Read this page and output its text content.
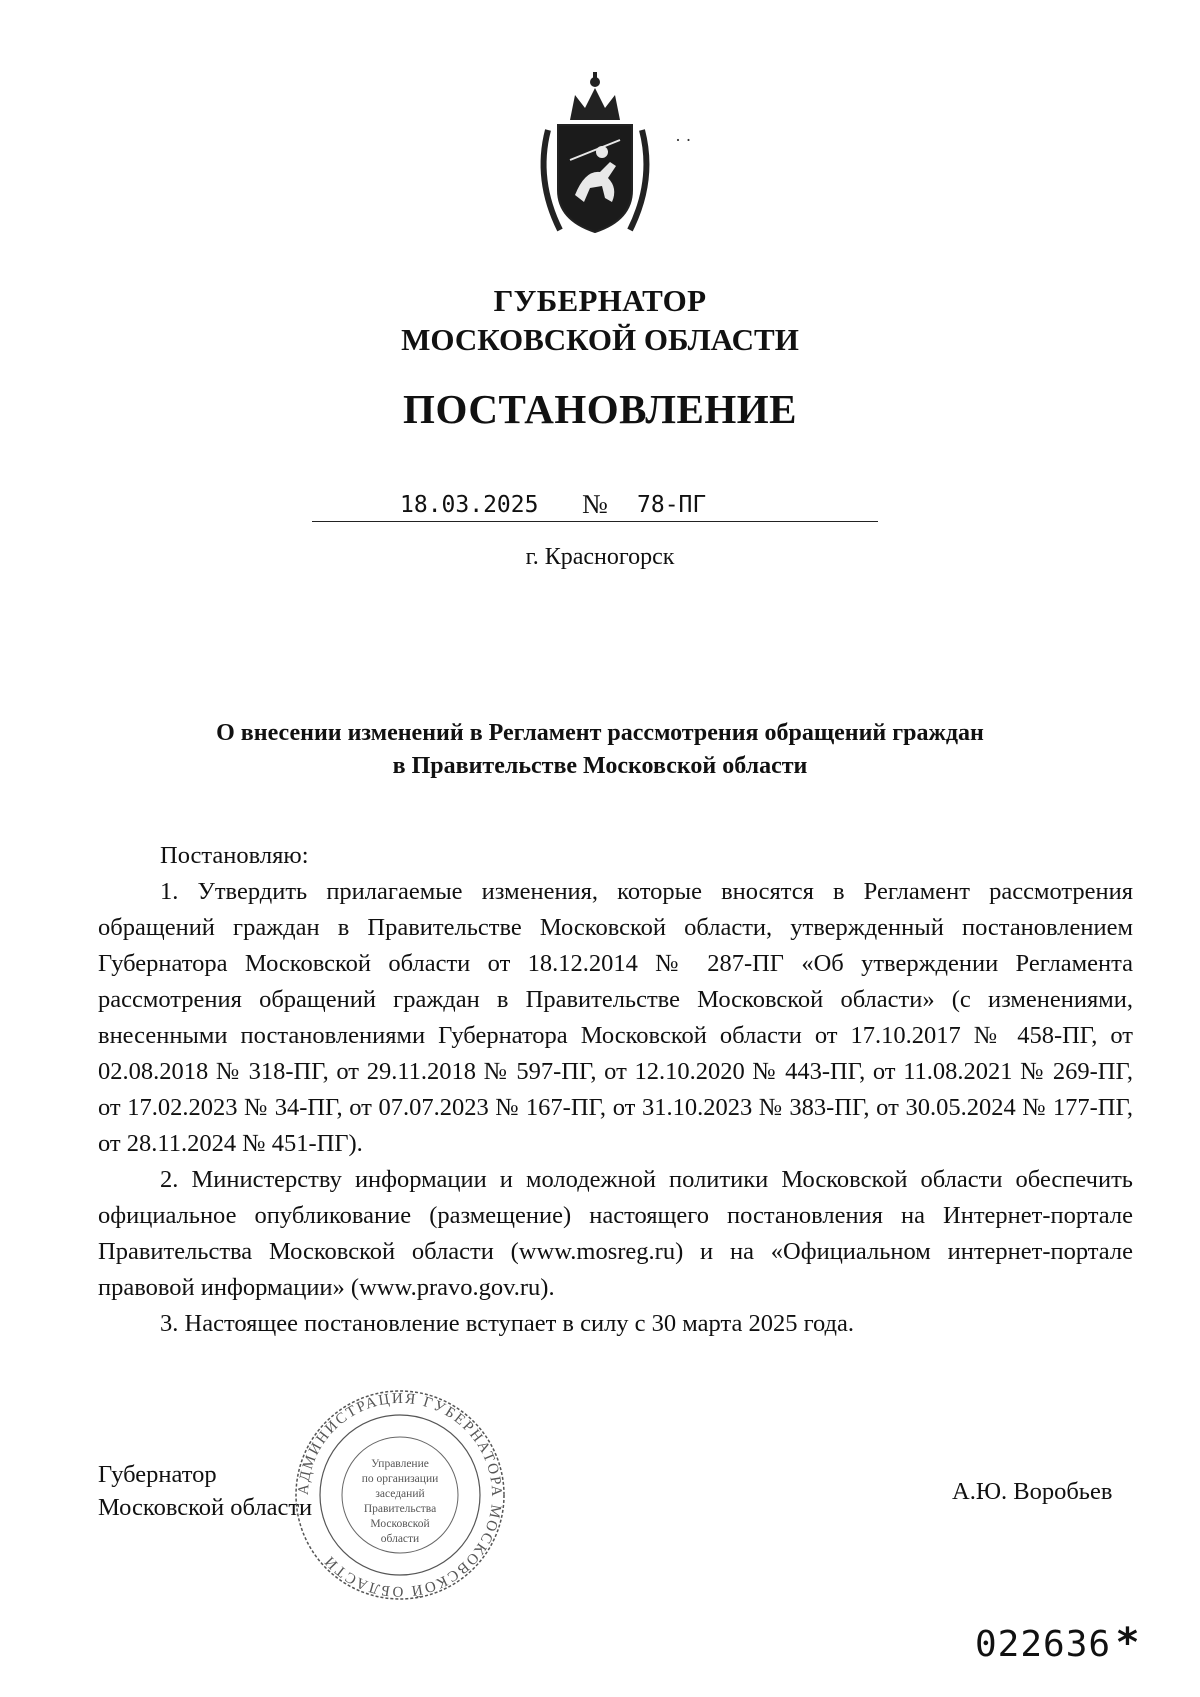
· ·
ГУБЕРНАТОР
МОСКОВСКОЙ ОБЛАСТИ
ПОСТАНОВЛЕНИЕ
18.03.2025 № 78-ПГ
г. Красногорск
О внесении изменений в Регламент рассмотрения обращений граждан
в Правительстве Московской области

Постановляю:

1. Утвердить прилагаемые изменения, которые вносятся в Регламент рассмотрения обращений граждан в Правительстве Московской области, утвержденный постановлением Губернатора Московской области от 18.12.2014 № 287-ПГ «Об утверждении Регламента рассмотрения обращений граждан в Правительстве Московской области» (с изменениями, внесенными постановлениями Губернатора Московской области от 17.10.2017 № 458-ПГ, от 02.08.2018 № 318-ПГ, от 29.11.2018 № 597-ПГ, от 12.10.2020 № 443-ПГ, от 11.08.2021 № 269-ПГ, от 17.02.2023 № 34-ПГ, от 07.07.2023 № 167-ПГ, от 31.10.2023 № 383-ПГ, от 30.05.2024 № 177-ПГ, от 28.11.2024 № 451-ПГ).

2. Министерству информации и молодежной политики Московской области обеспечить официальное опубликование (размещение) настоящего постановления на Интернет-портале Правительства Московской области (www.mosreg.ru) и на «Официальном интернет-портале правовой информации» (www.pravo.gov.ru).

3. Настоящее постановление вступает в силу с 30 марта 2025 года.

Губернатор
Московской области
А.Ю. Воробьев
АДМИНИСТРАЦИЯ ГУБЕРНАТОРА МОСКОВСКОЙ ОБЛАСТИ
Управление
по организации
заседаний
Правительства
Московской
области
022636 *
